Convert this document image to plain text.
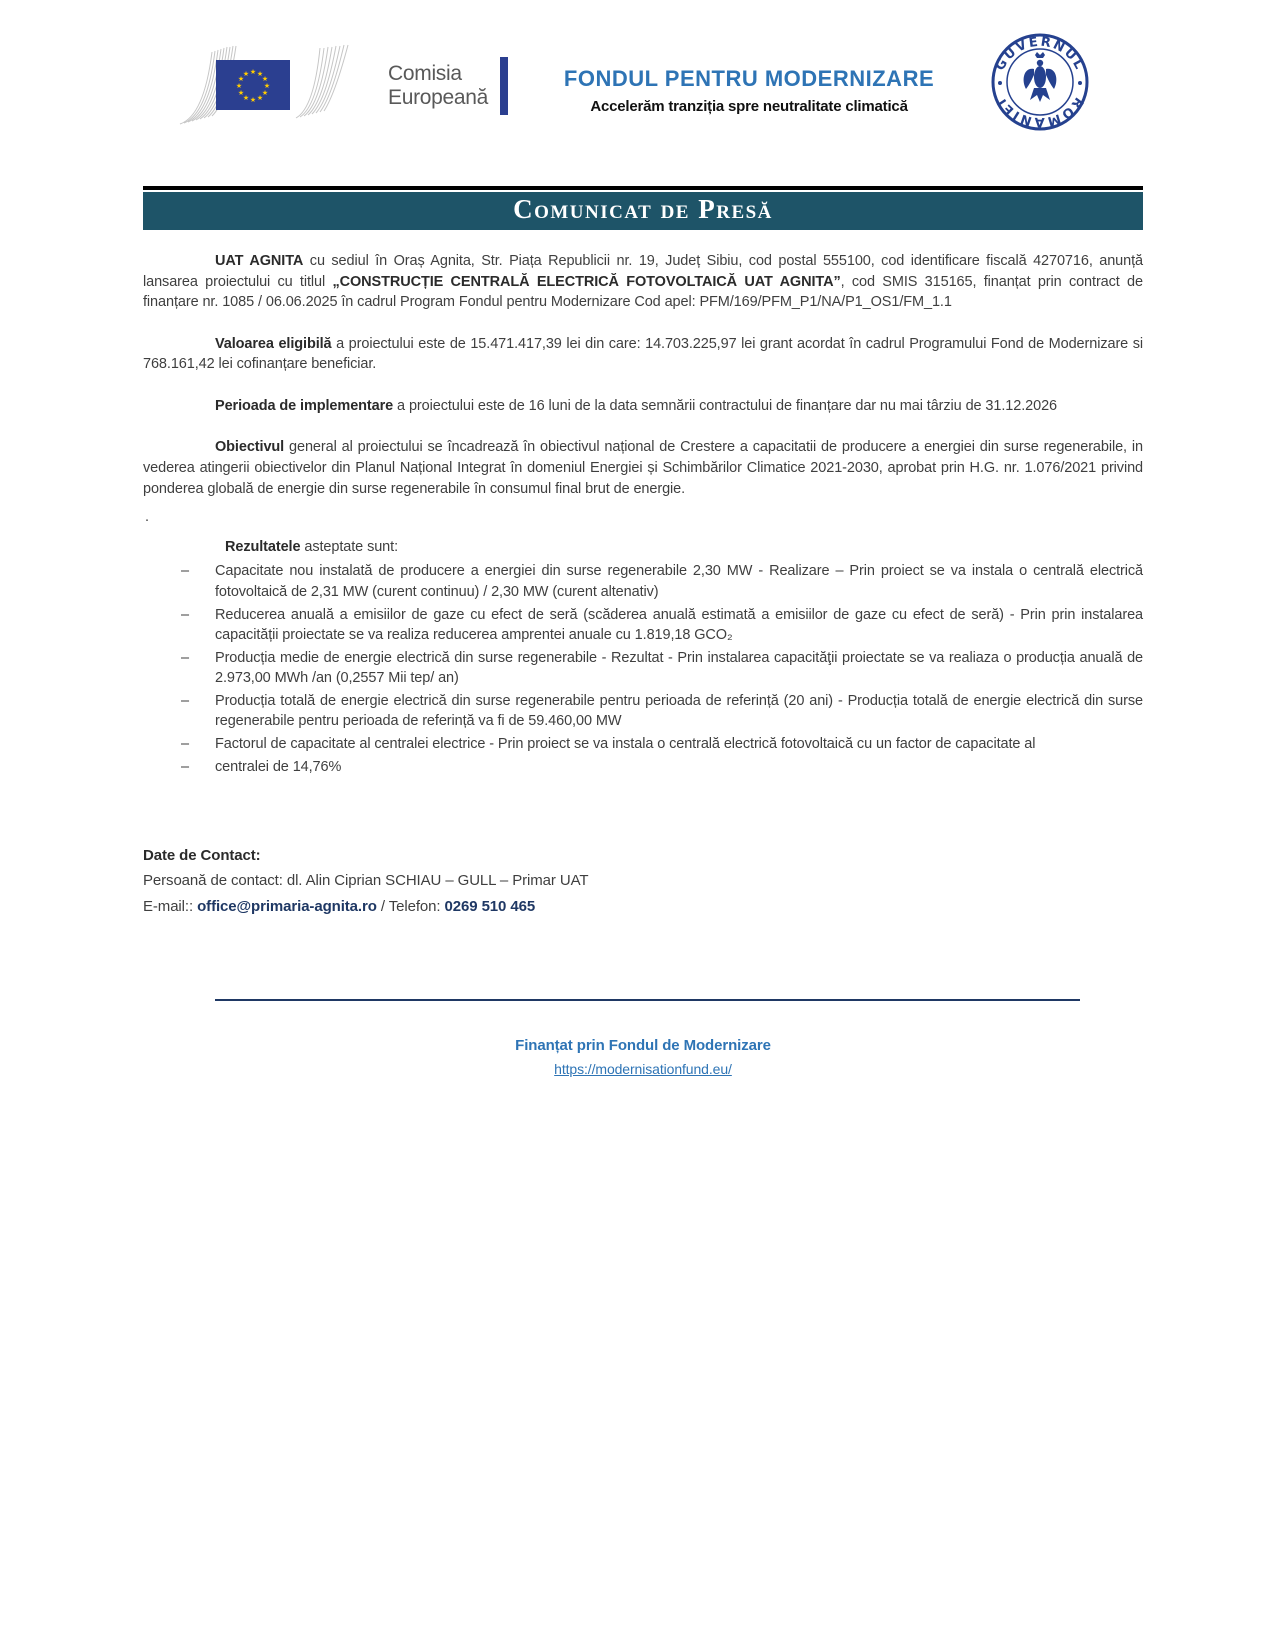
★ ★
★
★
★
★
★
★
★
★
★
★	Comisia
Europeană
FONDUL PENTRU MODERNIZARE
Accelerăm tranziția spre neutralitate climatică
GUVERNUL
ROMÂNIEI
Comunicat de Presă

UAT AGNITA cu sediul în Oraș Agnita, Str. Piața Republicii nr. 19, Județ Sibiu, cod postal 555100, cod identificare fiscală 4270716, anunță lansarea proiectului cu titlul „CONSTRUCȚIE CENTRALĂ ELECTRICĂ FOTOVOLTAICĂ UAT AGNITA”, cod SMIS 315165, finanțat prin contract de finanțare nr. 1085 / 06.06.2025 în cadrul Program Fondul pentru Modernizare Cod apel: PFM/169/PFM_P1/NA/P1_OS1/FM_1.1

Valoarea eligibilă a proiectului este de 15.471.417,39 lei din care: 14.703.225,97 lei grant acordat în cadrul Programului Fond de Modernizare si 768.161,42 lei cofinanțare beneficiar.

Perioada de implementare a proiectului este de 16 luni de la data semnării contractului de finanțare dar nu mai târziu de 31.12.2026

Obiectivul general al proiectului se încadrează în obiectivul național de Crestere a capacitatii de producere a energiei din surse regenerabile, in vederea atingerii obiectivelor din Planul Național Integrat în domeniul Energiei și Schimbărilor Climatice 2021-2030, aprobat prin H.G. nr. 1.076/2021 privind ponderea globală de energie din surse regenerabile în consumul final brut de energie.

.

Rezultatele asteptate sunt:

–	Capacitate nou instalată de producere a energiei din surse regenerabile 2,30 MW - Realizare – Prin proiect se va instala o centrală electrică fotovoltaică de 2,31 MW (curent continuu) / 2,30 MW (curent altenativ)
–	Reducerea anuală a emisiilor de gaze cu efect de seră (scăderea anuală estimată a emisiilor de gaze cu efect de seră) - Prin prin instalarea capacității proiectate se va realiza reducerea amprentei anuale cu 1.819,18 GCO₂
–	Producția medie de energie electrică din surse regenerabile - Rezultat - Prin instalarea capacităţii proiectate se va realiaza o producția anuală de 2.973,00 MWh /an (0,2557 Mii tep/ an)
–	Producția totală de energie electrică din surse regenerabile pentru perioada de referință (20 ani) - Producția totală de energie electrică din surse regenerabile pentru perioada de referință va fi de 59.460,00 MW
–	Factorul de capacitate al centralei electrice - Prin proiect se va instala o centrală electrică fotovoltaică cu un factor de capacitate al
–	centralei de 14,76%
Date de Contact:
Persoană de contact: dl. Alin Ciprian SCHIAU – GULL – Primar UAT
E-mail:: office@primaria-agnita.ro / Telefon: 0269 510 465
Finanțat prin Fondul de Modernizare
https://modernisationfund.eu/
